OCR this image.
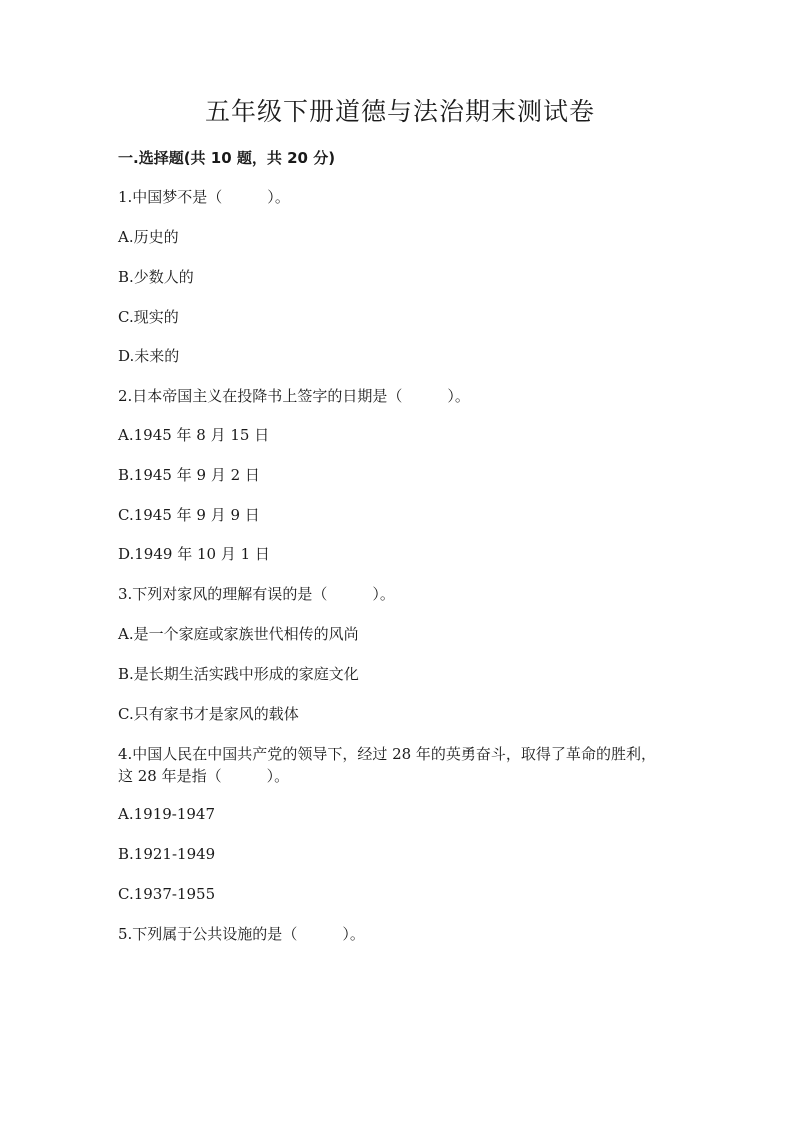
五年级下册道德与法治期末测试卷
一.选择题(共 10 题，共 20 分)
1.中国梦不是（　　　）。
A.历史的
B.少数人的
C.现实的
D.未来的
2.日本帝国主义在投降书上签字的日期是（　　　）。
A.1945 年 8 月 15 日
B.1945 年 9 月 2 日
C.1945 年 9 月 9 日
D.1949 年 10 月 1 日
3.下列对家风的理解有误的是（　　　）。
A.是一个家庭或家族世代相传的风尚
B.是长期生活实践中形成的家庭文化
C.只有家书才是家风的载体
4.中国人民在中国共产党的领导下，经过 28 年的英勇奋斗，取得了革命的胜利，这 28 年是指（　　　）。
A.1919-1947
B.1921-1949
C.1937-1955
5.下列属于公共设施的是（　　　）。
